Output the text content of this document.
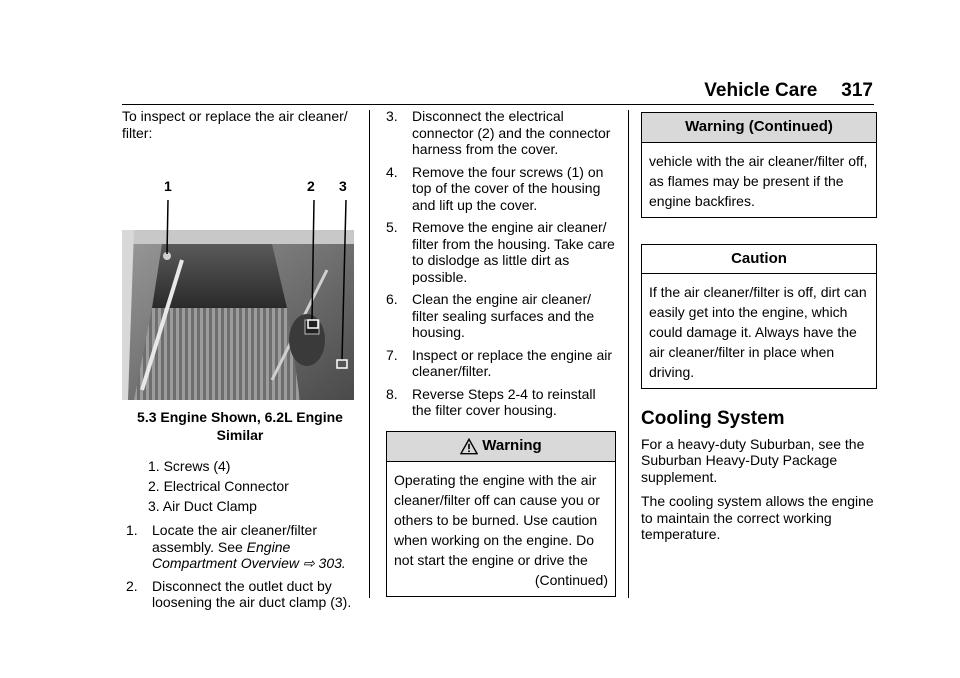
Vehicle Care 317

To inspect or replace the air cleaner/ filter:

1	2 3
5.3 Engine Shown, 6.2L Engine
Similar
1. Screws (4)
2. Electrical Connector
3. Air Duct Clamp
1.	Locate the air cleaner/filter assembly. See Engine Compartment Overview ⇨ 303.
2.	Disconnect the outlet duct by loosening the air duct clamp (3).
3.	Disconnect the electrical connector (2) and the connector harness from the cover.
4.	Remove the four screws (1) on top of the cover of the housing and lift up the cover.
5.	Remove the engine air cleaner/ filter from the housing. Take care to dislodge as little dirt as possible.
6.	Clean the engine air cleaner/ filter sealing surfaces and the housing.
7.	Inspect or replace the engine air cleaner/filter.
8.	Reverse Steps 2-4 to reinstall the filter cover housing.
Warning
Operating the engine with the air cleaner/filter off can cause you or others to be burned. Use caution when working on the engine. Do not start the engine or drive the
(Continued)
Warning (Continued)
vehicle with the air cleaner/filter off, as flames may be present if the engine backfires.
Caution
If the air cleaner/filter is off, dirt can easily get into the engine, which could damage it. Always have the air cleaner/filter in place when driving.
Cooling System

For a heavy-duty Suburban, see the Suburban Heavy-Duty Package supplement.

The cooling system allows the engine to maintain the correct working temperature.
